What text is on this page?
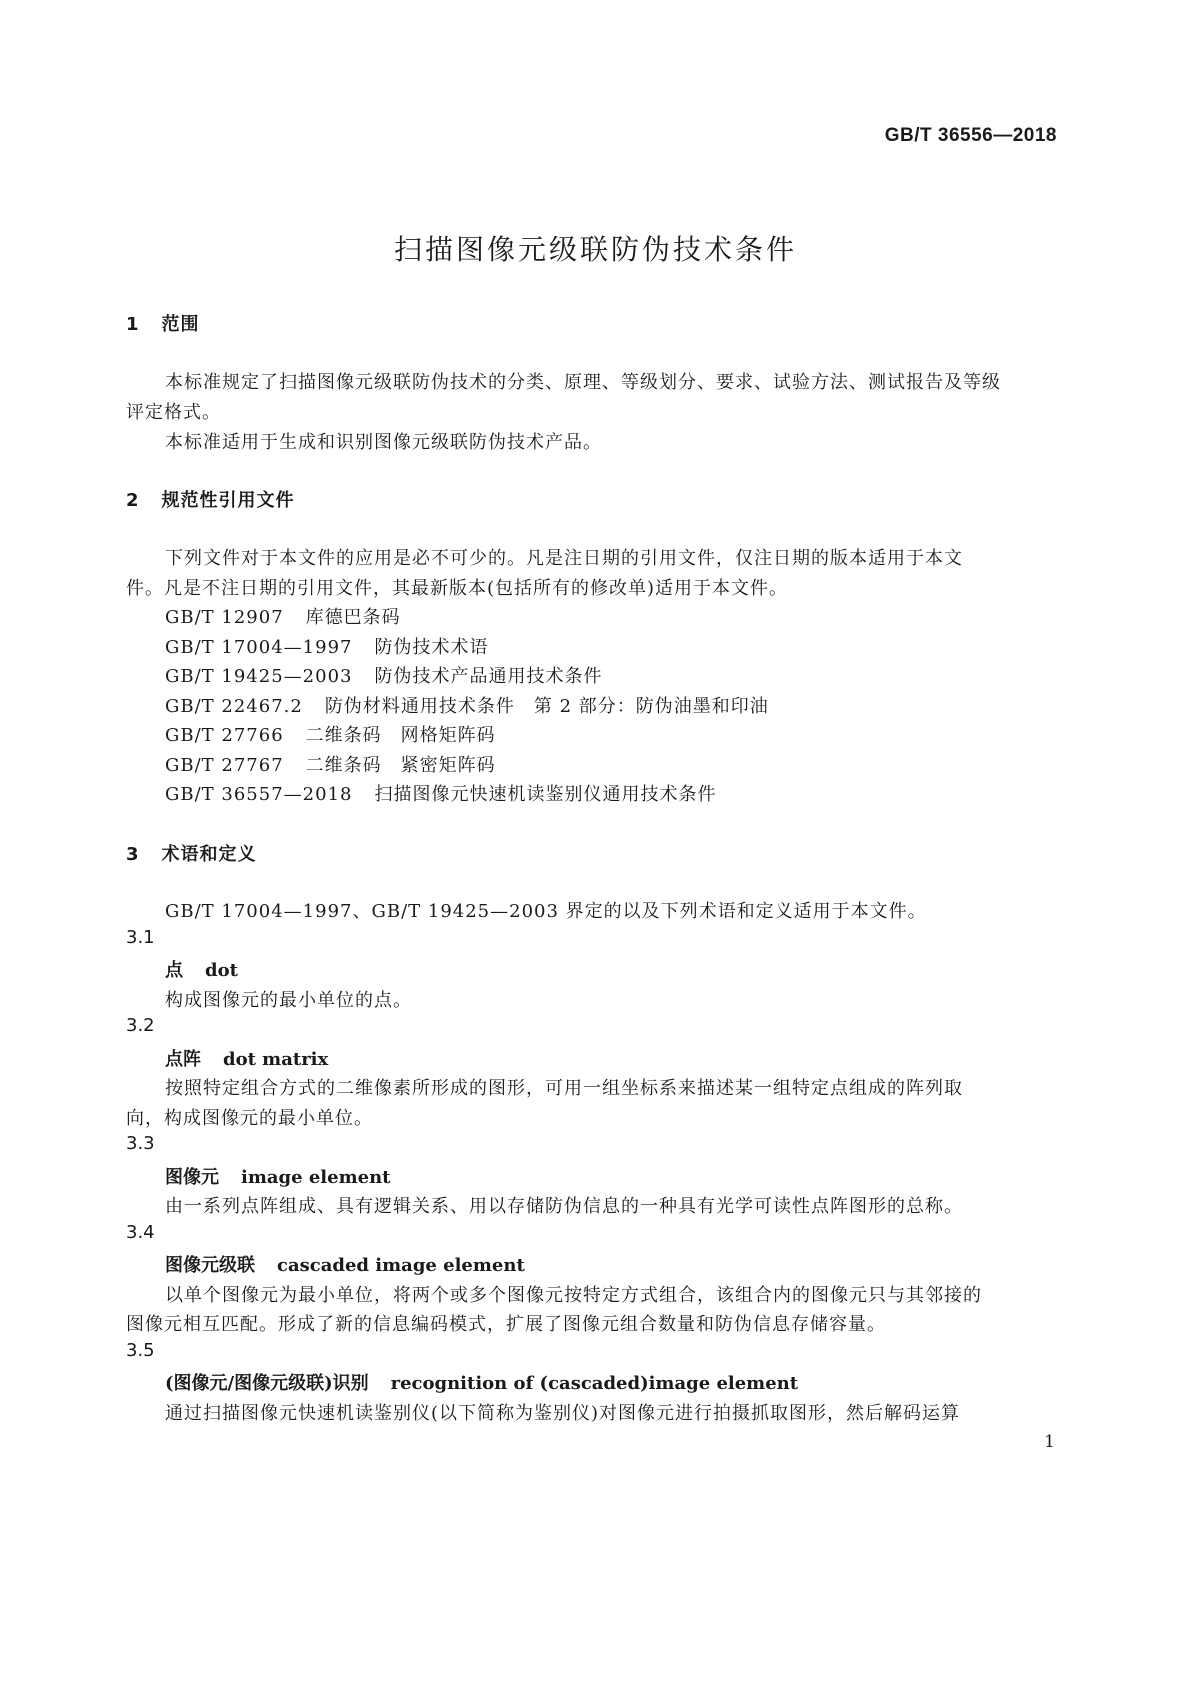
GB/T 36556—2018
扫描图像元级联防伪技术条件
1 范围
本标准规定了扫描图像元级联防伪技术的分类、原理、等级划分、要求、试验方法、测试报告及等级
评定格式。
本标准适用于生成和识别图像元级联防伪技术产品。
2 规范性引用文件
下列文件对于本文件的应用是必不可少的。凡是注日期的引用文件，仅注日期的版本适用于本文
件。凡是不注日期的引用文件，其最新版本(包括所有的修改单)适用于本文件。
GB/T 12907 库德巴条码
GB/T 17004—1997 防伪技术术语
GB/T 19425—2003 防伪技术产品通用技术条件
GB/T 22467.2 防伪材料通用技术条件　第 2 部分：防伪油墨和印油
GB/T 27766 二维条码　网格矩阵码
GB/T 27767 二维条码　紧密矩阵码
GB/T 36557—2018 扫描图像元快速机读鉴别仪通用技术条件
3 术语和定义
GB/T 17004—1997、GB/T 19425—2003 界定的以及下列术语和定义适用于本文件。
3.1
点 dot
构成图像元的最小单位的点。
3.2
点阵 dot matrix
按照特定组合方式的二维像素所形成的图形，可用一组坐标系来描述某一组特定点组成的阵列取
向，构成图像元的最小单位。
3.3
图像元 image element
由一系列点阵组成、具有逻辑关系、用以存储防伪信息的一种具有光学可读性点阵图形的总称。
3.4
图像元级联 cascaded image element
以单个图像元为最小单位，将两个或多个图像元按特定方式组合，该组合内的图像元只与其邻接的
图像元相互匹配。形成了新的信息编码模式，扩展了图像元组合数量和防伪信息存储容量。
3.5
(图像元/图像元级联)识别 recognition of (cascaded)image element
通过扫描图像元快速机读鉴别仪(以下简称为鉴别仪)对图像元进行拍摄抓取图形，然后解码运算
1
